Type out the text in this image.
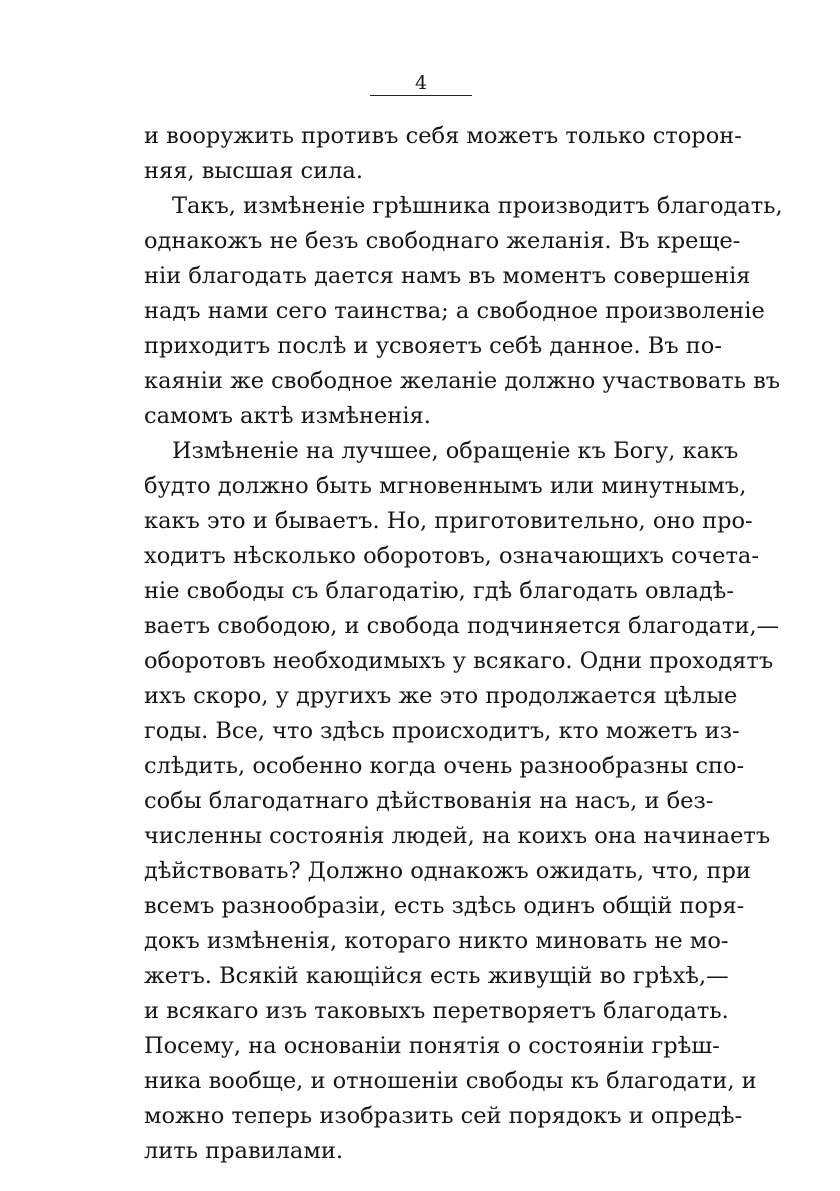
4
и вооружить противъ себя можетъ только сторон-
няя, высшая сила.
Такъ, измѣненіе грѣшника производитъ благодать,
однакожъ не безъ свободнаго желанія. Въ креще-
ніи благодать дается намъ въ моментъ совершенія
надъ нами сего таинства; а свободное произволеніе
приходитъ послѣ и усвояетъ себѣ данное. Въ по-
каяніи же свободное желаніе должно участвовать въ
самомъ актѣ измѣненія.
Измѣненіе на лучшее, обращеніе къ Богу, какъ
будто должно быть мгновеннымъ или минутнымъ,
какъ это и бываетъ. Но, приготовительно, оно про-
ходитъ нѣсколько оборотовъ, означающихъ сочета-
ніе свободы съ благодатію, гдѣ благодать овладѣ-
ваетъ свободою, и свобода подчиняется благодати,—
оборотовъ необходимыхъ у всякаго. Одни проходятъ
ихъ скоро, у другихъ же это продолжается цѣлые
годы. Все, что здѣсь происходитъ, кто можетъ из-
слѣдить, особенно когда очень разнообразны спо-
собы благодатнаго дѣйствованія на насъ, и без-
численны состоянія людей, на коихъ она начинаетъ
дѣйствовать? Должно однакожъ ожидать, что, при
всемъ разнообразіи, есть здѣсь одинъ общій поря-
докъ измѣненія, котораго никто миновать не мо-
жетъ. Всякій кающійся есть живущій во грѣхѣ,—
и всякаго изъ таковыхъ перетворяетъ благодать.
Посему, на основаніи понятія о состояніи грѣш-
ника вообще, и отношеніи свободы къ благодати, и
можно теперь изобразить сей порядокъ и опредѣ-
лить правилами.
